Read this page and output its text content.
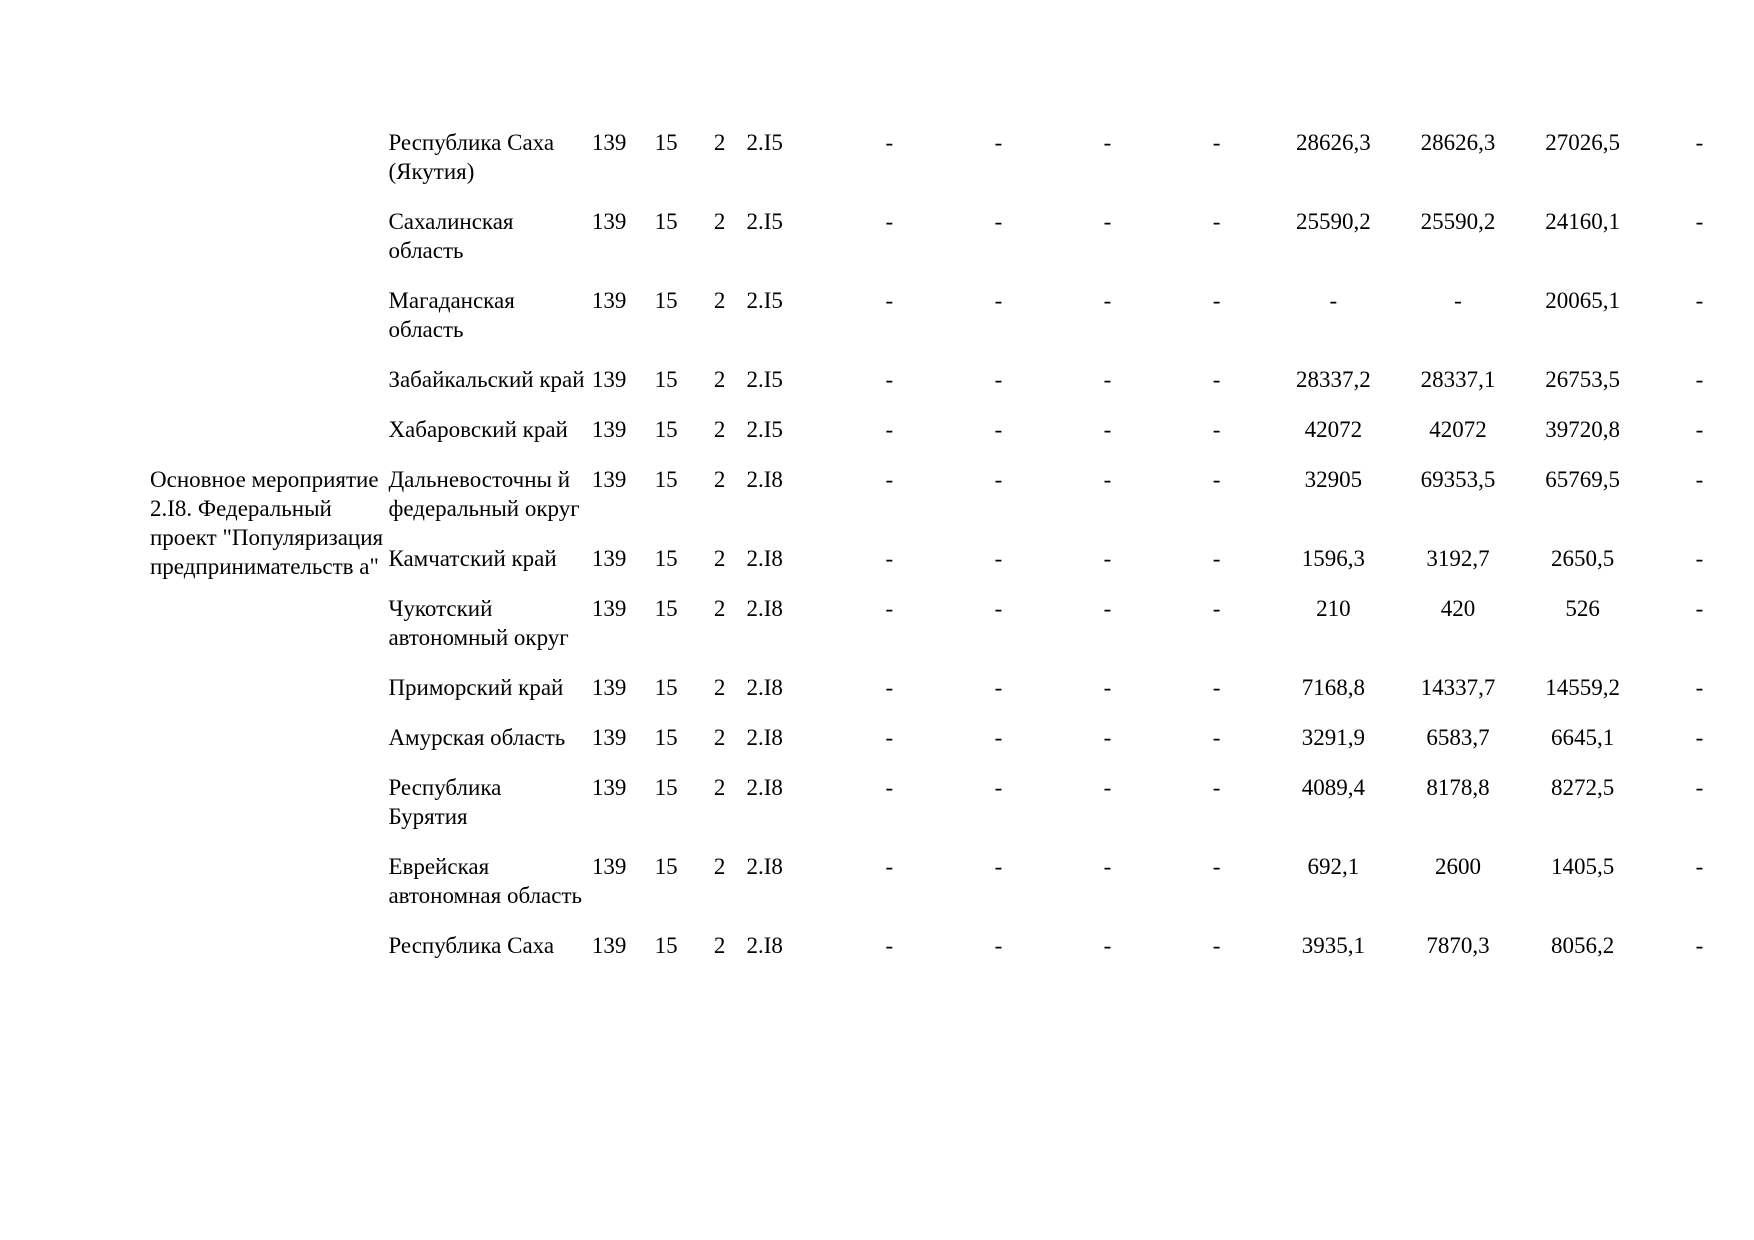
	Республика Саха (Якутия)	139	15	2	2.I5	-	-	-	-	28626,3	28626,3	27026,5	-
	Сахалинская область	139	15	2	2.I5	-	-	-	-	25590,2	25590,2	24160,1	-
	Магаданская область	139	15	2	2.I5	-	-	-	-	-	-	20065,1	-
	Забайкальский край	139	15	2	2.I5	-	-	-	-	28337,2	28337,1	26753,5	-
	Хабаровский край	139	15	2	2.I5	-	-	-	-	42072	42072	39720,8	-
Основное мероприятие 2.I8. Федеральный проект "Популяризация предпринимательств а"	Дальневосточны й федеральный округ	139	15	2	2.I8	-	-	-	-	32905	69353,5	65769,5	-
	Камчатский край	139	15	2	2.I8	-	-	-	-	1596,3	3192,7	2650,5	-
	Чукотский автономный округ	139	15	2	2.I8	-	-	-	-	210	420	526	-
	Приморский край	139	15	2	2.I8	-	-	-	-	7168,8	14337,7	14559,2	-
	Амурская область	139	15	2	2.I8	-	-	-	-	3291,9	6583,7	6645,1	-
	Республика Бурятия	139	15	2	2.I8	-	-	-	-	4089,4	8178,8	8272,5	-
	Еврейская автономная область	139	15	2	2.I8	-	-	-	-	692,1	2600	1405,5	-
	Республика Саха	139	15	2	2.I8	-	-	-	-	3935,1	7870,3	8056,2	-
